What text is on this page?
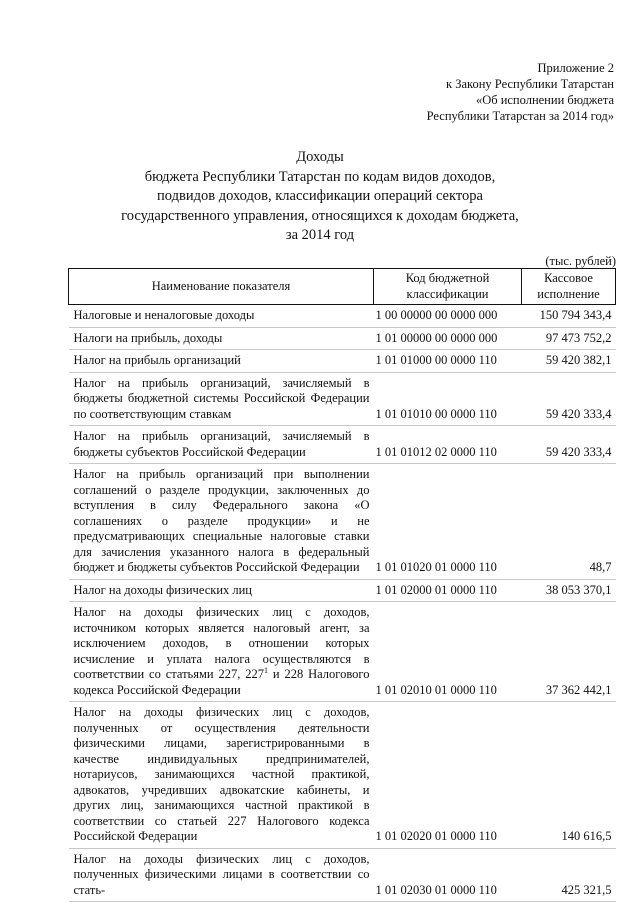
Приложение 2
к Закону Республики Татарстан
«Об исполнении бюджета
Республики Татарстан за 2014 год»
Доходы
бюджета Республики Татарстан по кодам видов доходов,
подвидов доходов, классификации операций сектора
государственного управления, относящихся к доходам бюджета,
за 2014 год
(тыс. рублей)
Наименование показателя	Код бюджетной классификации	Кассовое исполнение
Налоговые и неналоговые доходы	1 00 00000 00 0000 000	150 794 343,4
Налоги на прибыль, доходы	1 01 00000 00 0000 000	97 473 752,2
Налог на прибыль организаций	1 01 01000 00 0000 110	59 420 382,1
Налог на прибыль организаций, зачисляемый в бюджеты бюджетной системы Российской Федерации по соответствующим ставкам	1 01 01010 00 0000 110	59 420 333,4
Налог на прибыль организаций, зачисляемый в бюджеты субъектов Российской Федерации	1 01 01012 02 0000 110	59 420 333,4
Налог на прибыль организаций при выполнении соглашений о разделе продукции, заключенных до вступления в силу Федерального закона «О соглашениях о разделе продукции» и не предусматривающих специальные налоговые ставки для зачисления указанного налога в федеральный бюджет и бюджеты субъектов Российской Федерации	1 01 01020 01 0000 110	48,7
Налог на доходы физических лиц	1 01 02000 01 0000 110	38 053 370,1
Налог на доходы физических лиц с доходов, источником которых является налоговый агент, за исключением доходов, в отношении которых исчисление и уплата налога осуществляются в соответствии со статьями 227, $227^1$ и 228 Налогового кодекса Российской Федерации	1 01 02010 01 0000 110	37 362 442,1
Налог на доходы физических лиц с доходов, полученных от осуществления деятельности физическими лицами, зарегистрированными в качестве индивидуальных предпринимателей, нотариусов, занимающихся частной практикой, адвокатов, учредивших адвокатские кабинеты, и других лиц, занимающихся частной практикой в соответствии со статьей 227 Налогового кодекса Российской Федерации	1 01 02020 01 0000 110	140 616,5
Налог на доходы физических лиц с доходов, полученных физическими лицами в соответствии со стать-	1 01 02030 01 0000 110	425 321,5
